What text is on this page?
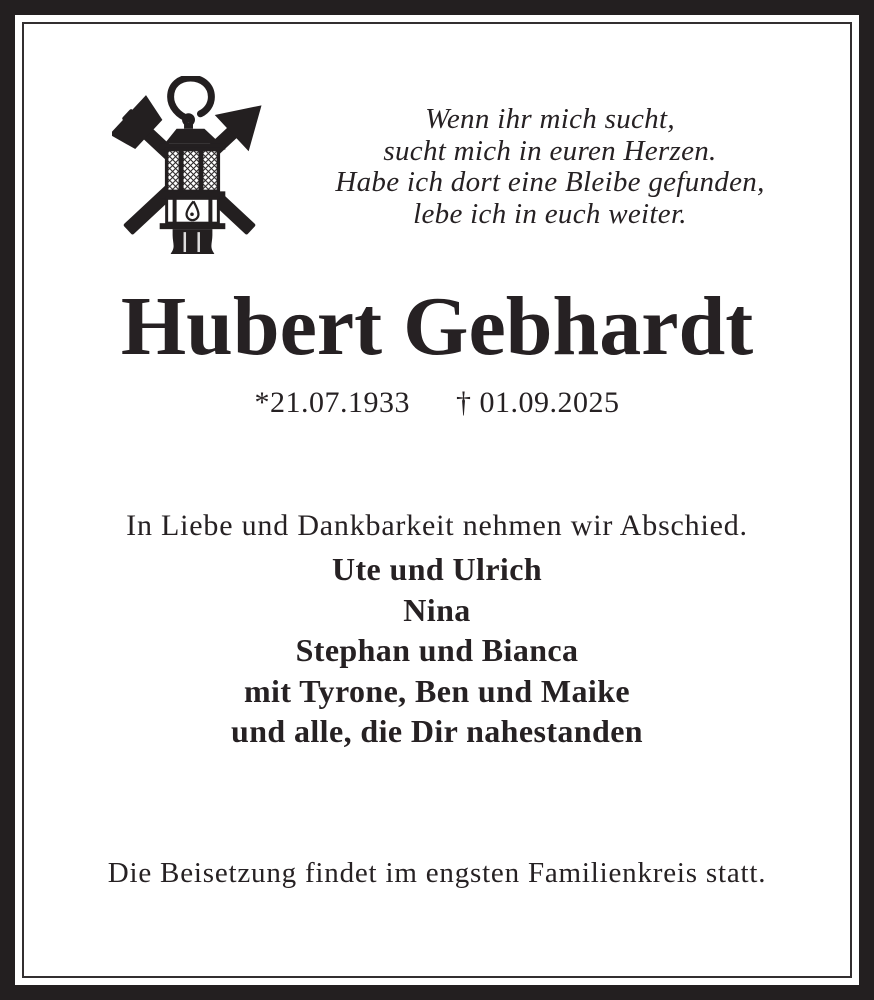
Wenn ihr mich sucht,
sucht mich in euren Herzen.
Habe ich dort eine Bleibe gefunden,
lebe ich in euch weiter.
Hubert Gebhardt
*21.07.1933 † 01.09.2025

In Liebe und Dankbarkeit nehmen wir Abschied.

Ute und Ulrich
Nina
Stephan und Bianca
mit Tyrone, Ben und Maike
und alle, die Dir nahestanden

Die Beisetzung findet im engsten Familienkreis statt.
